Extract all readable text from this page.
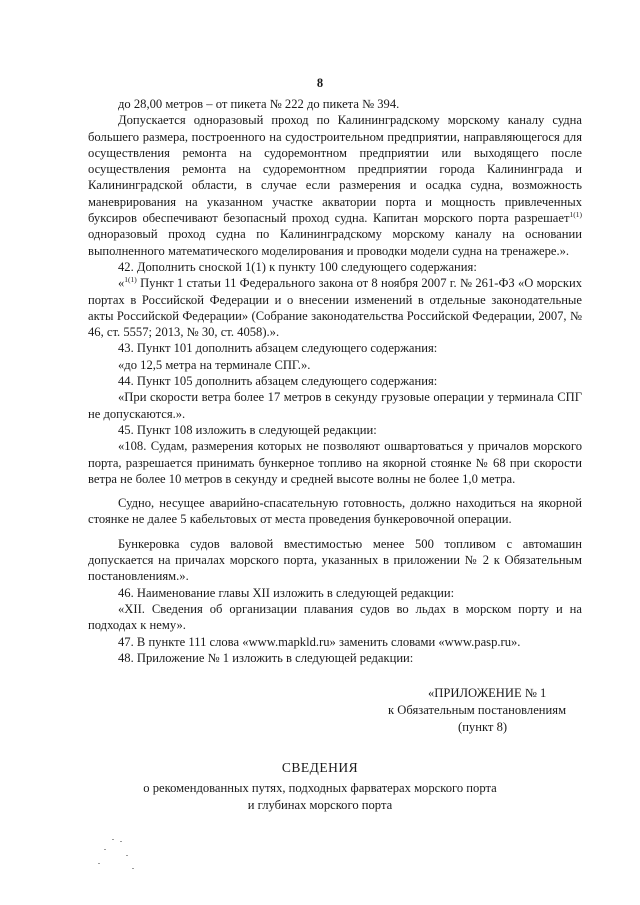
8

до 28,00 метров – от пикета № 222 до пикета № 394.

Допускается одноразовый проход по Калининградскому морскому каналу судна большего размера, построенного на судостроительном предприятии, направляющегося для осуществления ремонта на судоремонтном предприятии или выходящего после осуществления ремонта на судоремонтном предприятии города Калининграда и Калининградской области, в случае если размерения и осадка судна, возможность маневрирования на указанном участке акватории порта и мощность привлеченных буксиров обеспечивают безопасный проход судна. Капитан морского порта разрешает$^{1(1)}$ одноразовый проход судна по Калининградскому морскому каналу на основании выполненного математического моделирования и проводки модели судна на тренажере.».

42. Дополнить сноской 1(1) к пункту 100 следующего содержания:

«$^{1(1)}$ Пункт 1 статьи 11 Федерального закона от 8 ноября 2007 г. № 261-ФЗ «О морских портах в Российской Федерации и о внесении изменений в отдельные законодательные акты Российской Федерации» (Собрание законодательства Российской Федерации, 2007, № 46, ст. 5557; 2013, № 30, ст. 4058).».

43. Пункт 101 дополнить абзацем следующего содержания:

«до 12,5 метра на терминале СПГ.».

44. Пункт 105 дополнить абзацем следующего содержания:

«При скорости ветра более 17 метров в секунду грузовые операции у терминала СПГ не допускаются.».

45. Пункт 108 изложить в следующей редакции:

«108. Судам, размерения которых не позволяют ошвартоваться у причалов морского порта, разрешается принимать бункерное топливо на якорной стоянке № 68 при скорости ветра не более 10 метров в секунду и средней высоте волны не более 1,0 метра.

Судно, несущее аварийно-спасательную готовность, должно находиться на якорной стоянке не далее 5 кабельтовых от места проведения бункеровочной операции.

Бункеровка судов валовой вместимостью менее 500 топливом с автомашин допускается на причалах морского порта, указанных в приложении № 2 к Обязательным постановлениям.».

46. Наименование главы XII изложить в следующей редакции:

«XII. Сведения об организации плавания судов во льдах в морском порту и на подходах к нему».

47. В пункте 111 слова «www.mapkld.ru» заменить словами «www.pasp.ru».

48. Приложение № 1 изложить в следующей редакции:

«ПРИЛОЖЕНИЕ № 1
к Обязательным постановлениям
(пункт 8)
СВЕДЕНИЯ
о рекомендованных путях, подходных фарватерах морского порта
и глубинах морского порта
